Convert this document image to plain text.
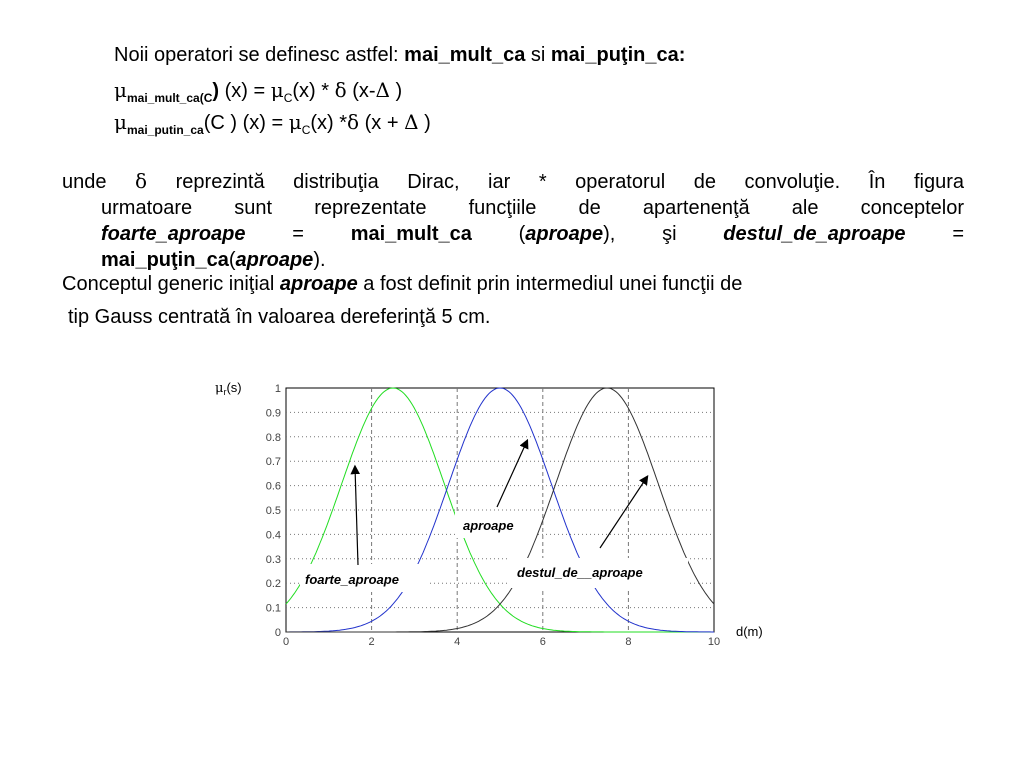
Noii operatori se definesc astfel: mai_mult_ca si mai_puţin_ca:
$\mu_{mai\_mult\_ca(C}$) $(x) = \mu_C(x) * \delta$ (x-Δ )
$\mu_{mai\_putin\_ca}(C$ ) $(x) = \mu_C(x)$ *δ (x + Δ )
unde δ reprezintă distribuţia Dirac, iar * operatorul de convoluţie. În figura
urmatoare sunt reprezentate funcţiile de apartenenţă ale conceptelor
foarte_aproape = mai_mult_ca (aproape), şi destul_de_aproape =
mai_puţin_ca(aproape).
Conceptul generic iniţial aproape a fost definit prin intermediul unei funcţii de
tip Gauss centrată în valoarea dereferinţă 5 cm.
$\mu_r(s)$
d(m)
0	2	4	6	8	10
0
0.1
0.2
0.3
0.4
0.5
0.6
0.7
0.8
0.9
1
foarte_aproape
aproape
destul_de__aproape
